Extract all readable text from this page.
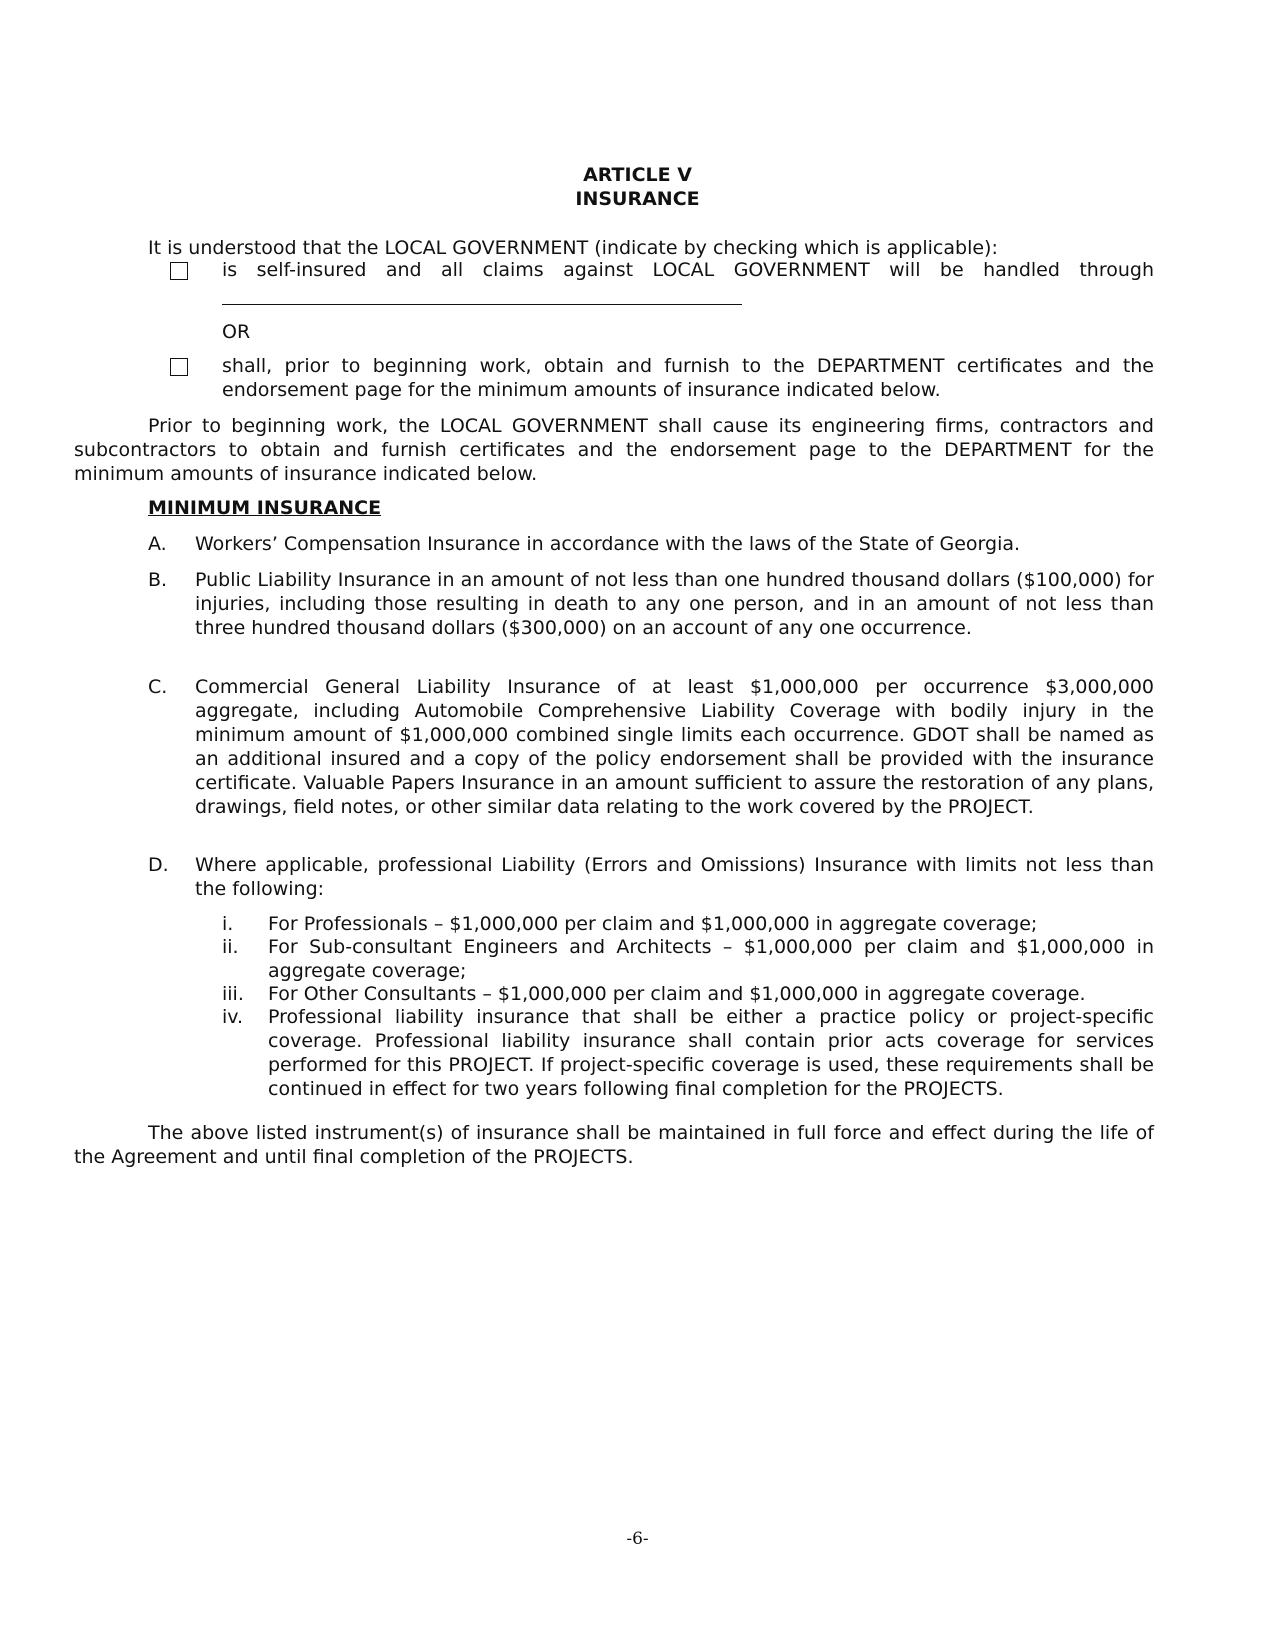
ARTICLE V
INSURANCE
It is understood that the LOCAL GOVERNMENT (indicate by checking which is applicable):
is self-insured and all claims against LOCAL GOVERNMENT will be handled through
OR
shall, prior to beginning work, obtain and furnish to the DEPARTMENT certificates and the endorsement page for the minimum amounts of insurance indicated below.
Prior to beginning work, the LOCAL GOVERNMENT shall cause its engineering firms, contractors and subcontractors to obtain and furnish certificates and the endorsement page to the DEPARTMENT for the minimum amounts of insurance indicated below.
MINIMUM INSURANCE
A. Workers’ Compensation Insurance in accordance with the laws of the State of Georgia.
B. Public Liability Insurance in an amount of not less than one hundred thousand dollars ($100,000) for injuries, including those resulting in death to any one person, and in an amount of not less than three hundred thousand dollars ($300,000) on an account of any one occurrence.
C. Commercial General Liability Insurance of at least $1,000,000 per occurrence $3,000,000 aggregate, including Automobile Comprehensive Liability Coverage with bodily injury in the minimum amount of $1,000,000 combined single limits each occurrence. GDOT shall be named as an additional insured and a copy of the policy endorsement shall be provided with the insurance certificate. Valuable Papers Insurance in an amount sufficient to assure the restoration of any plans, drawings, field notes, or other similar data relating to the work covered by the PROJECT.
D. Where applicable, professional Liability (Errors and Omissions) Insurance with limits not less than the following:
i. For Professionals – $1,000,000 per claim and $1,000,000 in aggregate coverage;
ii. For Sub-consultant Engineers and Architects – $1,000,000 per claim and $1,000,000 in aggregate coverage;
iii. For Other Consultants – $1,000,000 per claim and $1,000,000 in aggregate coverage.
iv. Professional liability insurance that shall be either a practice policy or project-specific coverage. Professional liability insurance shall contain prior acts coverage for services performed for this PROJECT. If project-specific coverage is used, these requirements shall be continued in effect for two years following final completion for the PROJECTS.
The above listed instrument(s) of insurance shall be maintained in full force and effect during the life of the Agreement and until final completion of the PROJECTS.
-6-
